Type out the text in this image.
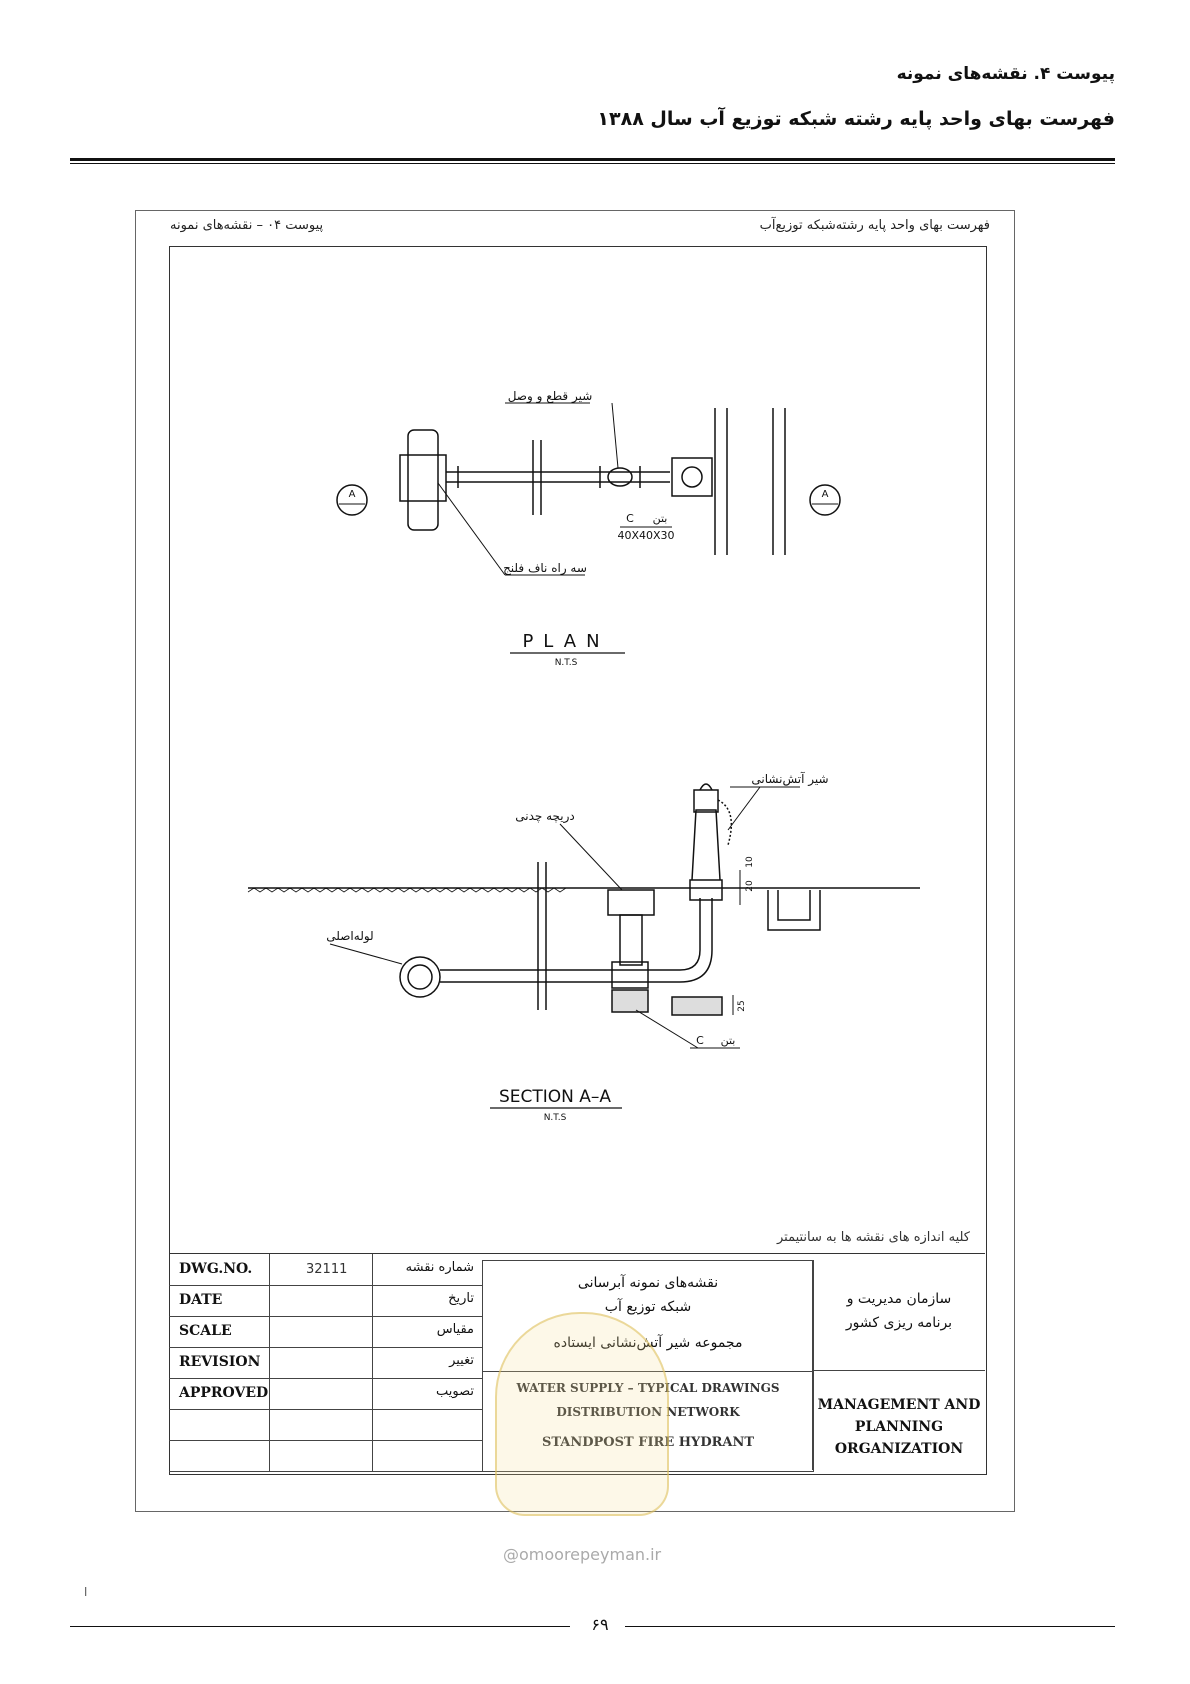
پیوست ۴. نقشه‌های نمونه
فهرست بهای واحد پایه رشته شبکه توزیع آب سال ۱۳۸۸
پیوست ۰۴ – نقشه‌های نمونه	فهرست بهای واحد پایه رشته‌شبکه توزیع‌آب
شیر قطع و وصل
سه راه ناف فلنج
بتن
C
40X40X30
A	A
PLAN
N.T.S
شیر آتش‌نشانی
دریچه چدنی
لوله‌اصلی
بتن
C
20
10
25
SECTION A–A
N.T.S
کلیه اندازه های نقشه ها به سانتیمتر
DWG.NO.	32111	شماره نقشه
DATE	تاریخ
SCALE	مقیاس
REVISION	تغییر
APPROVED	تصویب
نقشه‌های نمونه آبرسانی
شبکه توزیع آب
مجموعه شیر آتش‌نشانی ایستاده
WATER SUPPLY – TYPICAL DRAWINGS
DISTRIBUTION NETWORK
STANDPOST FIRE HYDRANT
سازمان مدیریت و
برنامه ریزی کشور
MANAGEMENT AND
PLANNING
ORGANIZATION
@omoorepeyman.ir
ا
۶۹
